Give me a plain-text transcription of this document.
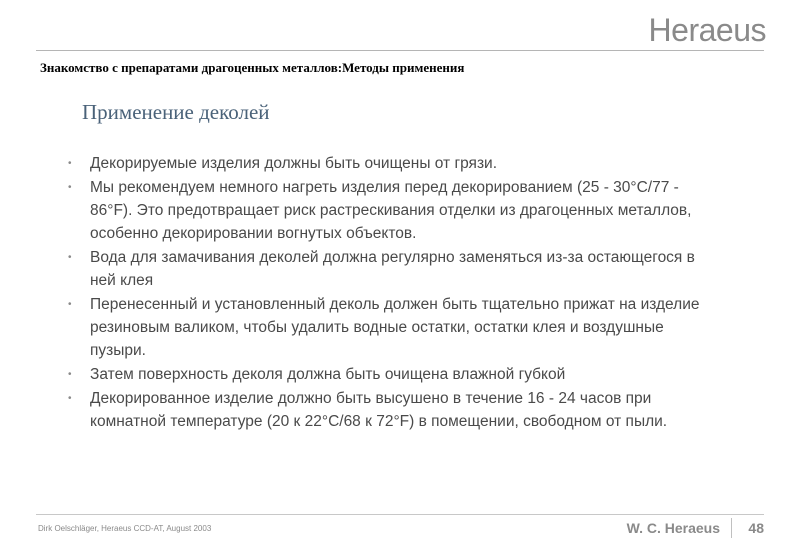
Heraeus
Знакомство с препаратами драгоценных металлов:Методы применения
Применение деколей
• Декорируемые изделия должны быть очищены от грязи.
• Мы рекомендуем немного нагреть изделия перед декорированием (25 - 30°C/77 - 86°F). Это предотвращает риск растрескивания отделки из драгоценных металлов, особенно декорировании вогнутых объектов.
• Вода для замачивания деколей должна регулярно заменяться из-за остающегося в ней клея
• Перенесенный и установленный деколь должен быть тщательно прижат на изделие резиновым валиком, чтобы удалить водные остатки, остатки клея и воздушные пузыри.
• Затем поверхность деколя должна быть очищена влажной губкой
• Декорированное изделие должно быть высушено в течение 16 - 24 часов при комнатной температуре (20 к 22°C/68 к 72°F) в помещении, свободном от пыли.
Dirk Oelschläger, Heraeus CCD-AT, August 2003	W. C. Heraeus 48
